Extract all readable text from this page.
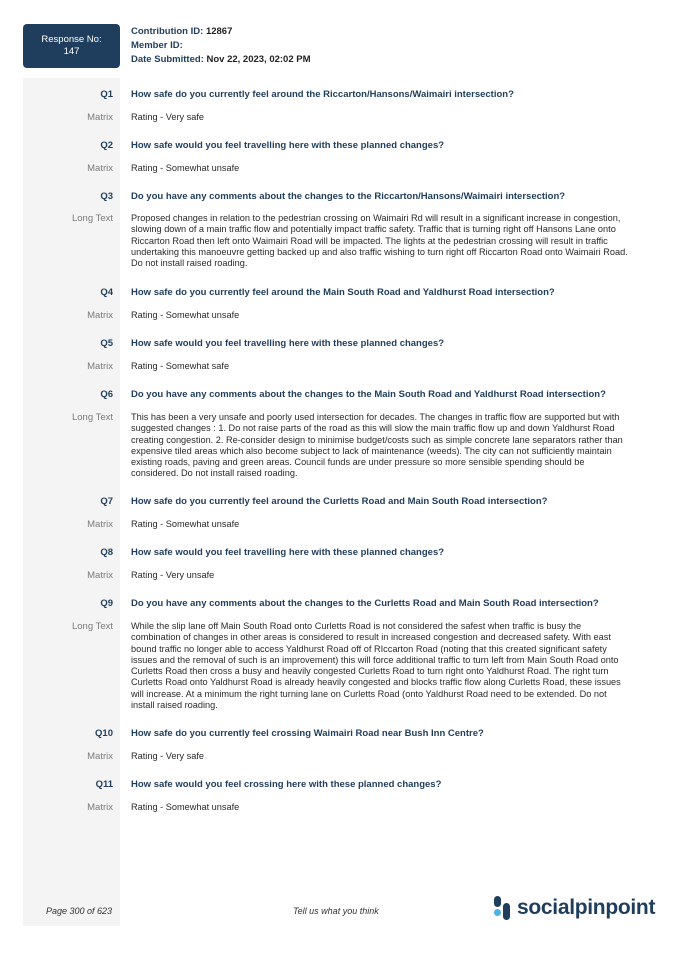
Response No:
147
Contribution ID: 12867
Member ID:
Date Submitted: Nov 22, 2023, 02:02 PM
Q1 How safe do you currently feel around the Riccarton/Hansons/Waimairi intersection?
Matrix Rating - Very safe
Q2 How safe would you feel travelling here with these planned changes?
Matrix Rating - Somewhat unsafe
Q3 Do you have any comments about the changes to the Riccarton/Hansons/Waimairi intersection?
Long Text Proposed changes in relation to the pedestrian crossing on Waimairi Rd will result in a significant increase in congestion, slowing down of a main traffic flow and potentially impact traffic safety. Traffic that is turning right off Hansons Lane onto Riccarton Road then left onto Waimairi Road will be impacted. The lights at the pedestrian crossing will result in traffic undertaking this manoeuvre getting backed up and also traffic wishing to turn right off Riccarton Road onto Waimairi Road. Do not install raised roading.
Q4 How safe do you currently feel around the Main South Road and Yaldhurst Road intersection?
Matrix Rating - Somewhat unsafe
Q5 How safe would you feel travelling here with these planned changes?
Matrix Rating - Somewhat safe
Q6 Do you have any comments about the changes to the Main South Road and Yaldhurst Road intersection?
Long Text This has been a very unsafe and poorly used intersection for decades. The changes in traffic flow are supported but with suggested changes : 1. Do not raise parts of the road as this will slow the main traffic flow up and down Yaldhurst Road creating congestion. 2. Re-consider design to minimise budget/costs such as simple concrete lane separators rather than expensive tiled areas which also become subject to lack of maintenance (weeds). The city can not sufficiently maintain existing roads, paving and green areas. Council funds are under pressure so more sensible spending should be considered. Do not install raised roading.
Q7 How safe do you currently feel around the Curletts Road and Main South Road intersection?
Matrix Rating - Somewhat unsafe
Q8 How safe would you feel travelling here with these planned changes?
Matrix Rating - Very unsafe
Q9 Do you have any comments about the changes to the Curletts Road and Main South Road intersection?
Long Text While the slip lane off Main South Road onto Curletts Road is not considered the safest when traffic is busy the combination of changes in other areas is considered to result in increased congestion and decreased safety. With east bound traffic no longer able to access Yaldhurst Road off of RIccarton Road (noting that this created significant safety issues and the removal of such is an improvement) this will force additional traffic to turn left from Main South Road onto Curletts Road then cross a busy and heavily congested Curletts Road to turn right onto Yaldhurst Road. The right turn Curletts Road onto Yaldhurst Road is already heavily congested and blocks traffic flow along Curletts Road, these issues will increase. At a minimum the right turning lane on Curletts Road (onto Yaldhurst Road need to be extended. Do not install raised roading.
Q10 How safe do you currently feel crossing Waimairi Road near Bush Inn Centre?
Matrix Rating - Very safe
Q11 How safe would you feel crossing here with these planned changes?
Matrix Rating - Somewhat unsafe
Page 300 of 623	Tell us what you think	socialpinpoint
